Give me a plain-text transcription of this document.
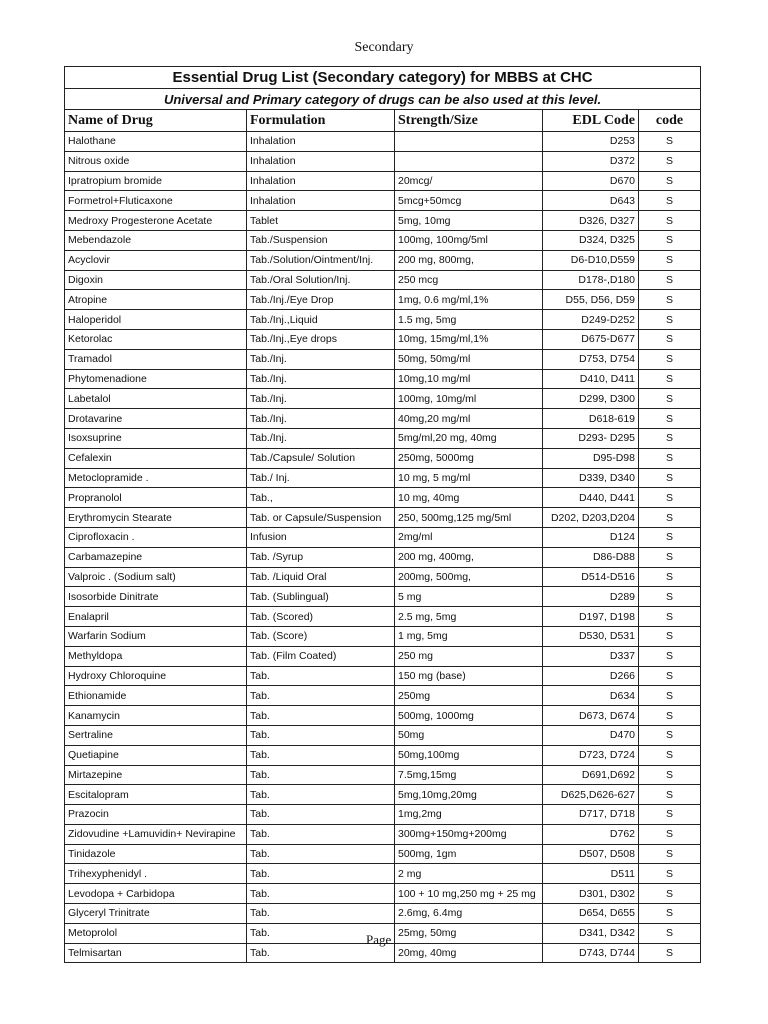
Secondary
Essential Drug List (Secondary category) for MBBS at CHC				
Universal and Primary category of drugs can be also used at this level.				
Name of Drug	Formulation	Strength/Size	EDL Code	code
Halothane	Inhalation		D253	S
Nitrous oxide	Inhalation		D372	S
Ipratropium bromide	Inhalation	20mcg/	D670	S
Formetrol+Fluticaxone	Inhalation	5mcg+50mcg	D643	S
Medroxy Progesterone Acetate	Tablet	5mg, 10mg	D326, D327	S
Mebendazole	Tab./Suspension	100mg, 100mg/5ml	D324, D325	S
Acyclovir	Tab./Solution/Ointment/Inj.	200 mg, 800mg,	D6-D10,D559	S
Digoxin	Tab./Oral Solution/Inj.	250 mcg	D178-,D180	S
Atropine	Tab./Inj./Eye Drop	1mg, 0.6 mg/ml,1%	D55, D56, D59	S
Haloperidol	Tab./Inj.,Liquid	1.5 mg, 5mg	D249-D252	S
Ketorolac	Tab./Inj.,Eye drops	10mg, 15mg/ml,1%	D675-D677	S
Tramadol	Tab./Inj.	50mg, 50mg/ml	D753, D754	S
Phytomenadione	Tab./Inj.	10mg,10 mg/ml	D410, D411	S
Labetalol	Tab./Inj.	100mg, 10mg/ml	D299, D300	S
Drotavarine	Tab./Inj.	40mg,20 mg/ml	D618-619	S
Isoxsuprine	Tab./Inj.	5mg/ml,20 mg, 40mg	D293- D295	S
Cefalexin	Tab./Capsule/ Solution	250mg, 5000mg	D95-D98	S
Metoclopramide .	Tab./ Inj.	10 mg, 5 mg/ml	D339, D340	S
Propranolol	Tab.,	10 mg, 40mg	D440, D441	S
Erythromycin Stearate	Tab. or Capsule/Suspension	250, 500mg,125 mg/5ml	D202, D203,D204	S
Ciprofloxacin .	Infusion	2mg/ml	D124	S
Carbamazepine	Tab. /Syrup	200 mg, 400mg,	D86-D88	S
Valproic . (Sodium salt)	Tab. /Liquid Oral	200mg, 500mg,	D514-D516	S
Isosorbide Dinitrate	Tab. (Sublingual)	5 mg	D289	S
Enalapril	Tab. (Scored)	2.5 mg, 5mg	D197, D198	S
Warfarin Sodium	Tab. (Score)	1 mg, 5mg	D530, D531	S
Methyldopa	Tab. (Film Coated)	250 mg	D337	S
Hydroxy Chloroquine	Tab.	150 mg (base)	D266	S
Ethionamide	Tab.	250mg	D634	S
Kanamycin	Tab.	500mg, 1000mg	D673, D674	S
Sertraline	Tab.	50mg	D470	S
Quetiapine	Tab.	50mg,100mg	D723, D724	S
Mirtazepine	Tab.	7.5mg,15mg	D691,D692	S
Escitalopram	Tab.	5mg,10mg,20mg	D625,D626-627	S
Prazocin	Tab.	1mg,2mg	D717, D718	S
Zidovudine +Lamuvidin+ Nevirapine	Tab.	300mg+150mg+200mg	D762	S
Tinidazole	Tab.	500mg, 1gm	D507, D508	S
Trihexyphenidyl .	Tab.	2 mg	D511	S
Levodopa + Carbidopa	Tab.	100 + 10 mg,250 mg + 25 mg	D301, D302	S
Glyceryl Trinitrate	Tab.	2.6mg, 6.4mg	D654, D655	S
Metoprolol	Tab.	25mg, 50mg	D341, D342	S
Telmisartan	Tab.	20mg, 40mg	D743, D744	S
Page
